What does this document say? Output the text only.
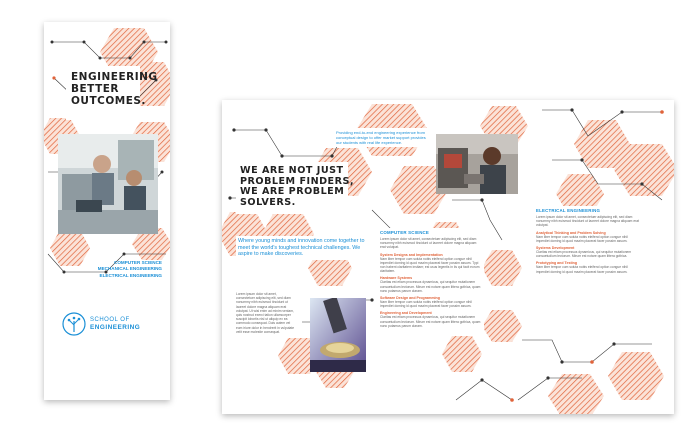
ENGINEERING
BETTER
OUTCOMES.
COMPUTER SCIENCE
MECHANICAL ENGINEERING
ELECTRICAL ENGINEERING
SCHOOL OF
ENGINEERING
Where young minds and innovation come together to meet the world's toughest technical challenges. We aspire to make discoveries.
Lorem ipsum dolor sit amet, consectetuer adipiscing elit, sed diam nonummy nibh euismod tincidunt ut laoreet dolore magna aliquam erat volutpat. Ut wisi enim ad minim veniam, quis nostrud exerci tation ullamcorper suscipit lobortis nisl ut aliquip ex ea commodo consequat. Duis autem vel eum iriure dolor in hendrerit in vulputate velit esse molestie consequat.
WE ARE NOT JUST
PROBLEM FINDERS,
WE ARE PROBLEM
SOLVERS.
COMPUTER SCIENCE
Lorem ipsum dolor sit amet, consectetuer adipiscing elit, sed diam nonummy nibh euismod tincidunt ut laoreet dolore magna aliquam erat volutpat.
System Designs and Implementation
Nam liber tempor cum soluta nobis eleifend option congue nihil imperdiet doming id quod mazim placerat facer possim assum. Typi non habent claritatem insitam; est usus legentis in iis qui facit eorum claritatem.
Hardware Systems
Claritas est etiam processus dynamicus, qui sequitur mutationem consuetudium lectorum. Mirum est notare quam littera gothica, quam nunc putamus parum claram.
Software Design and Programming
Nam liber tempor cum soluta nobis eleifend option congue nihil imperdiet doming id quod mazim placerat facer possim assum.
Engineering and Development
Claritas est etiam processus dynamicus, qui sequitur mutationem consuetudium lectorum. Mirum est notare quam littera gothica, quam nunc putamus parum claram.
Providing end-to-end engineering experience from conceptual design to offer market support provides our students with real life experience.
ELECTRICAL ENGINEERING
Lorem ipsum dolor sit amet, consectetuer adipiscing elit, sed diam nonummy nibh euismod tincidunt ut laoreet dolore magna aliquam erat volutpat.
Analytical Thinking and Problem Solving
Nam liber tempor cum soluta nobis eleifend option congue nihil imperdiet doming id quod mazim placerat facer possim assum.
Systems Development
Claritas est etiam processus dynamicus, qui sequitur mutationem consuetudium lectorum. Mirum est notare quam littera gothica.
Prototyping and Testing
Nam liber tempor cum soluta nobis eleifend option congue nihil imperdiet doming id quod mazim placerat facer possim assum.
